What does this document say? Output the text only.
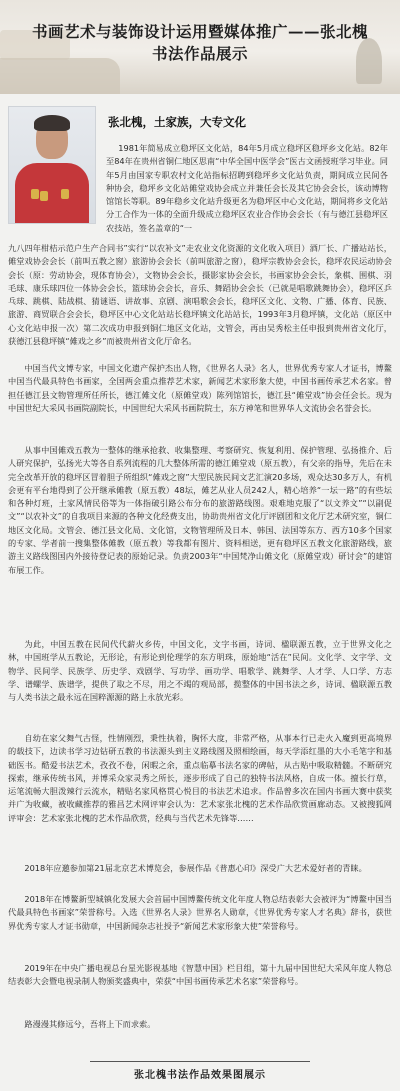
书画艺术与装饰设计运用暨媒体推广——张北槐
书法作品展示
张北槐，土家族，大专文化

1981年简易成立稳坪区文化站，84年5月成立稳坪区稳坪乡文化站。82年至84年在贵州省铜仁地区思南“中华全国中医学会”医古文函授班学习毕业。同年5月由国家专职农村文化站指标招聘到稳坪乡文化站负责，期间成立民间各种协会，稳坪乡文化站傩堂戏协会成立并兼任会长及其它协会会长，该动博物馆馆长等职。89年稳乡文化站升级更名为稳坪区中心文化站，期间将乡文化站分工合作为一体的全面升级成立稳坪区农业合作协会会长（有与德江县稳坪区农技站，签名盖章的“一

九八四年柑桔示范户生产合同书”实行“以农补文”走农业文化资源的文化收入项目）酒厂长、广播站站长，傩堂戏协会会长（前叫五教之窗）旅游协会会长（前叫旅游之窗），稳坪宗教协会会长，稳坪农民运动协会会长（原：劳动协会，现体育协会），文物协会会长，摄影家协会会长，书画家协会会长，象棋、围棋、羽毛球、康乐球四位一体协会会长，篮球协会会长，音乐、舞蹈协会会长（已就是唱歌跳舞协会），稳坪区乒乓球、跳棋、陆战棋、猜谜语、讲故事、京剧、演唱歌会会长，稳坪区文化、文物、广播、体育、民族、旅游、商贸联合会会长，稳坪区中心文化站站长稳坪镇文化站站长，1993年3月稳坪镇，文化站（原区中心文化站申报一次）第二次成功申报到铜仁地区文化站，文管会，再由吴秀松主任申报到贵州省文化厅，获德江县稳坪镇“傩戏之乡”而被贵州省文化厅命名。

中国当代文博专家，中国文化遗产保护杰出人物，《世界名人录》名人，世界优秀专家人才证书，博鳌中国当代最具特色书画家，全国两会重点推荐艺术家，新闻艺术家形象大使，中国书画传承艺术名家。曾担任德江县文物管理所任所长，德江傩文化（原傩堂戏）陈列馆馆长，德江县“傩堂戏”协会任会长。现为中国世纪大采风书画院副院长，中国世纪大采风书画院院士，东方神笔和世界华人文流协会名誉会长。

从事中国傩戏五教为一整体的继承抢救、收集整理、考察研究、恢复利用、保护管理、弘扬推介、后人研究保护，弘扬光大等各自系列流程的几大整体所需的德江傩堂戏（原五教），有父亲的指导，先后在未完全改革开放的稳坪区冒着胆子所组织“傩戏之窗”大型民族民间文艺汇演20多场，观众达30多万人，有机会更有平台地得到了公开继承傩教（原五教）48坛，傩艺从业人员242人，精心培养“一坛一路”的有些坛和各种灯班，土家风情民俗等为一体指破引路公布分布的旅游路线图。艰难地克服了“以文养文”“以副促文”“以农补文”的自我项目来源的各种文化经费支出，协助贵州省文化厅评剧团和文化厅艺术研究室，铜仁地区文化局。文管会、德江县文化局、文化馆，文物管理所及日本、韩国、法国等东方、西方10多个国家的专家、学者前一搜集整体傩教（原五教）等我都有图片、资料相送，更有稳坪区五教文化旅游路线，旅游主义路线图国内外接待登记表的原始记录。负责2003年“中国梵净山傩文化（原傩堂戏）研讨会”的建馆布展工作。

为此，中国五教在民间代代薪火乡传，中国文化，文字书画，诗词、楹联源五教，立于世界文化之林，中国班学从五教论，无形论，有形论到伦理学的东方明珠，原始地“活在”民间。文化学、文字学、文物学、民间学、民族学、历史学、戏剧学、写功学、画功学、唱歌学、跳舞学、人才学、人口学、方志学、谱螺学、族谱学，提供了取之不尽，用之不竭的观局部，揽整体的中国书法之乡，诗词、楹联源五教与人类书法之最永远在国粹源源的路上永放光彩。

自幼在家父舞气古怪，性情刚烈，秉性执着，胸怀大度，非常严格，从事本行已走火入魔到更高境界的载技下，边读书学习边钻研五教的书法源头到主义路线图及照相绘画，每天学添红墨的大小毛笔字和基础医书。酷爱书法艺术，孜孜不卷，闲暇之余，重点临摹书法名家的碑帖，从古贴中吸取精髓。不断研究探索，继承传统书风，并博采众家灵秀之所长，逐步形成了自己的独特书法风格，自成一体。擅长行草，运笔流畅大胆泼辣行云流水，精贴名家风格贯心悦目的书法艺术追求。作品曾多次在国内书画大赛中获奖并广为收藏，被收藏推荐的雅昌艺术网评审会认为：艺术家张北槐的艺术作品欣赏画廊动态。又被搜狐网评审会：艺术家张北槐的艺术作品欣赏，经典与当代艺术先锋等……

2018年应邀参加第21届北京艺术博览会，参展作品《普惠心印》深受广大艺术爱好者的青睐。

2018年在博鳌新型城镇化发展大会首届中国博鳌传统文化年度人物总结表彰大会被评为“博鳌中国当代最具特色书画家”荣誉称号。入选《世界名人录》世界名人勋章，《世界优秀专家人才名典》辞书，获世界优秀专家人才证书勋章，中国新闻杂志社授予“新闻艺术家形象大使”荣誉称号。

2019年在中央广播电视总台星光影视基地《智慧中国》栏目组，第十九届中国世纪大采风年度人物总结表彰大会暨电视录制人物颁奖盛典中，荣获“中国书画传承艺术名家”荣誉称号。

路漫漫其修远兮，吾将上下而求索。

张北槐书法作品效果图展示
